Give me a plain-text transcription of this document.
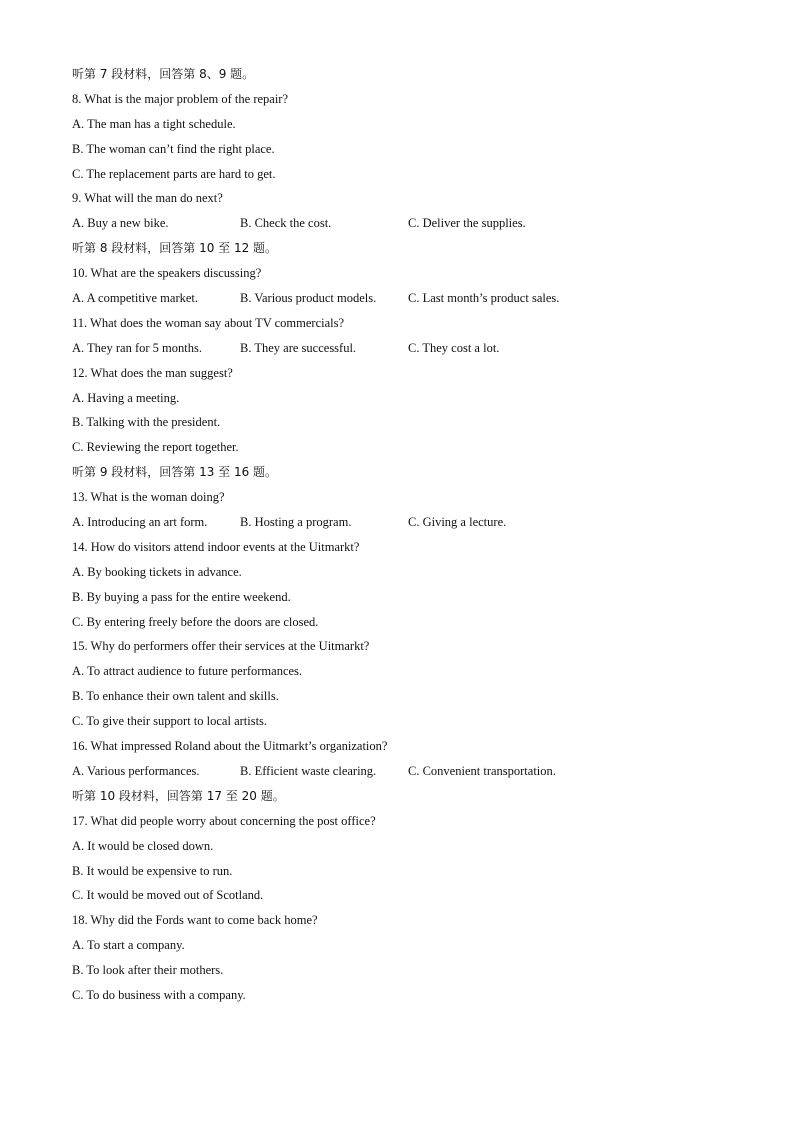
听第 7 段材料，回答第 8、9 题。
8. What is the major problem of the repair?
A. The man has a tight schedule.
B. The woman can’t find the right place.
C. The replacement parts are hard to get.
9. What will the man do next?
A. Buy a new bike.	B. Check the cost.	C. Deliver the supplies.
听第 8 段材料，回答第 10 至 12 题。
10. What are the speakers discussing?
A. A competitive market.	B. Various product models.	C. Last month’s product sales.
11. What does the woman say about TV commercials?
A. They ran for 5 months.	B. They are successful.	C. They cost a lot.
12. What does the man suggest?
A. Having a meeting.
B. Talking with the president.
C. Reviewing the report together.
听第 9 段材料，回答第 13 至 16 题。
13. What is the woman doing?
A. Introducing an art form.	B. Hosting a program.	C. Giving a lecture.
14. How do visitors attend indoor events at the Uitmarkt?
A. By booking tickets in advance.
B. By buying a pass for the entire weekend.
C. By entering freely before the doors are closed.
15. Why do performers offer their services at the Uitmarkt?
A. To attract audience to future performances.
B. To enhance their own talent and skills.
C. To give their support to local artists.
16. What impressed Roland about the Uitmarkt’s organization?
A. Various performances.	B. Efficient waste clearing.	C. Convenient transportation.
听第 10 段材料，回答第 17 至 20 题。
17. What did people worry about concerning the post office?
A. It would be closed down.
B. It would be expensive to run.
C. It would be moved out of Scotland.
18. Why did the Fords want to come back home?
A. To start a company.
B. To look after their mothers.
C. To do business with a company.
